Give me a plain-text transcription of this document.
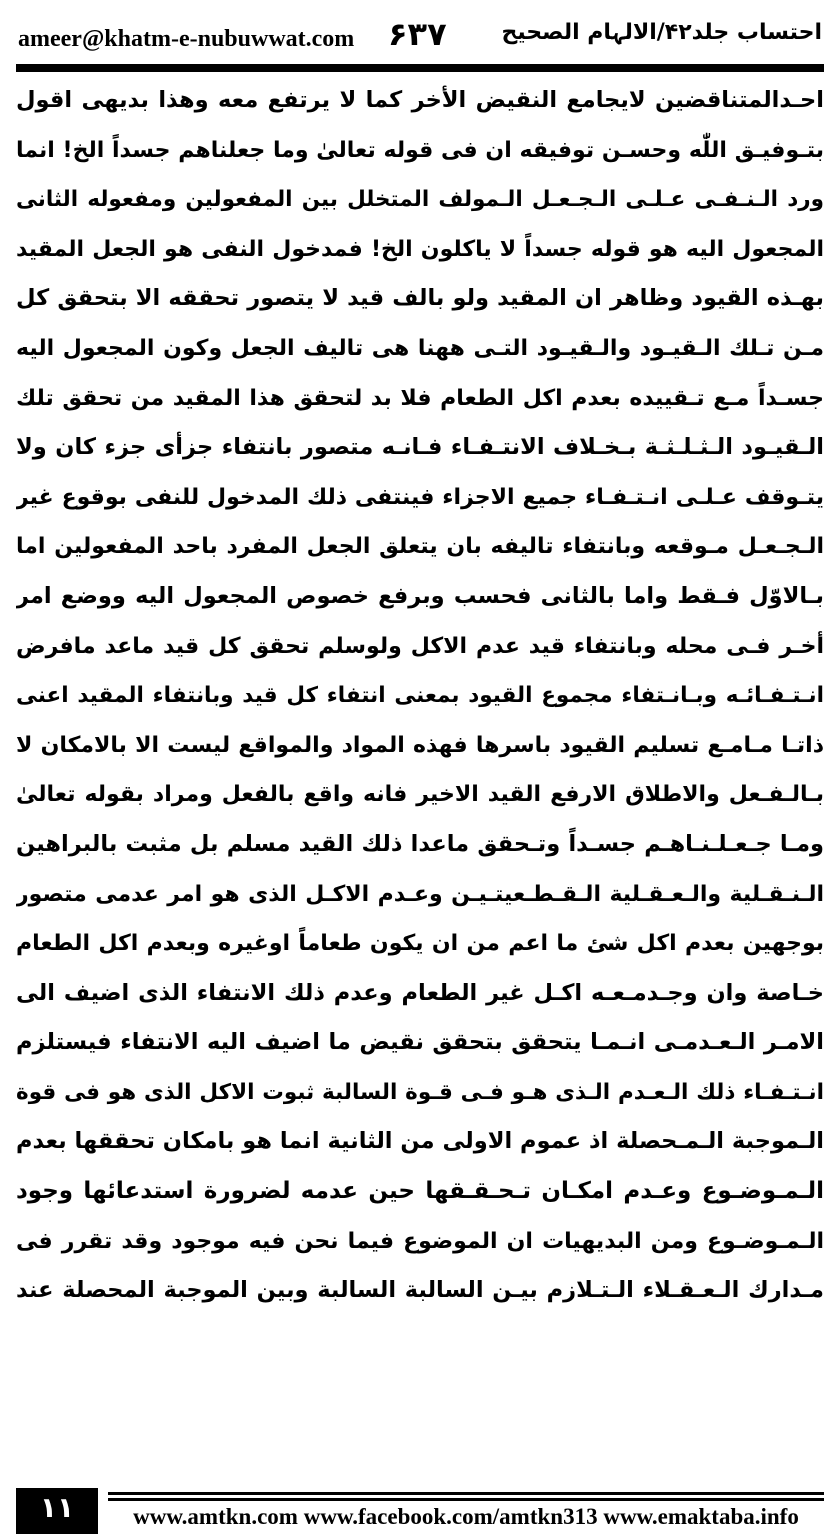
ameer@khatm-e-nubuwwat.com ۶۳۷ احتساب جلد۴۲/الالہام الصحیح
احـدالمتناقضين لايجامع النقيض الأخر كما لا يرتفع معه وهذا بديهى اقول
بتـوفيـق اللّٰه وحسـن توفيقه ان فى قوله تعالىٰ وما جعلناهم جسداً الخ! انما
ورد الـنـفـى عـلـى الـجـعـل الـمولف المتخلل بين المفعولين ومفعوله الثانى
المجعول اليه هو قوله جسداً لا ياكلون الخ! فمدخول النفى هو الجعل المقيد
بهـذه القيود وظاهر ان المقيد ولو بالف قيد لا يتصور تحققه الا بتحقق كل
مـن تـلك الـقيـود والـقيـود التـى ههنا هى تاليف الجعل وكون المجعول اليه
جسـداً مـع تـقييده بعدم اكل الطعام فلا بد لتحقق هذا المقيد من تحقق تلك
الـقيـود الـثـلـثـة بـخـلاف الانتـفـاء فـانـه متصور بانتفاء جزأى جزء كان ولا
يتـوقف عـلـى انـتـفـاء جميع الاجزاء فينتفى ذلك المدخول للنفى بوقوع غير
الـجـعـل مـوقعه وبانتفاء تاليفه بان يتعلق الجعل المفرد باحد المفعولين اما
بـالاوّل فـقط واما بالثانى فحسب وبرفع خصوص المجعول اليه ووضع امر
أخـر فـى محله وبانتفاء قيد عدم الاكل ولوسلم تحقق كل قيد ماعد مافرض
انـتـفـائـه وبـانـتفاء مجموع القيود بمعنى انتفاء كل قيد وبانتفاء المقيد اعنى
ذاتـا مـامـع تسليم القيود باسرها فهذه المواد والمواقع ليست الا بالامكان لا
بـالـفـعل والاطلاق الارفع القيد الاخير فانه واقع بالفعل ومراد بقوله تعالىٰ
ومـا جـعـلـنـاهـم جسـداً وتـحقق ماعدا ذلك القيد مسلم بل مثبت بالبراهين
الـنـقـلية والـعـقـلية الـقـطـعيتـيـن وعـدم الاكـل الذى هو امر عدمى متصور
بوجهين بعدم اكل شئ ما اعم من ان يكون طعاماً اوغيره وبعدم اكل الطعام
خـاصة وان وجـدمـعـه اكـل غير الطعام وعدم ذلك الانتفاء الذى اضيف الى
الامـر الـعـدمـى انـمـا يتحقق بتحقق نقيض ما اضيف اليه الانتفاء فيستلزم
انـتـفـاء ذلك الـعـدم الـذى هـو فـى قـوة السالبة ثبوت الاكل الذى هو فى قوة
الـموجبة الـمـحصلة اذ عموم الاولى من الثانية انما هو بامكان تحققها بعدم
الـمـوضـوع وعـدم امكـان تـحـقـقها حين عدمه لضرورة استدعائها وجود
الـمـوضـوع ومن البديهيات ان الموضوع فيما نحن فيه موجود وقد تقرر فى
مـدارك الـعـقـلاء الـتـلازم بيـن السالبة السالبة وبين الموجبة المحصلة عند
۱۱	www.amtkn.com www.facebook.com/amtkn313 www.emaktaba.info
